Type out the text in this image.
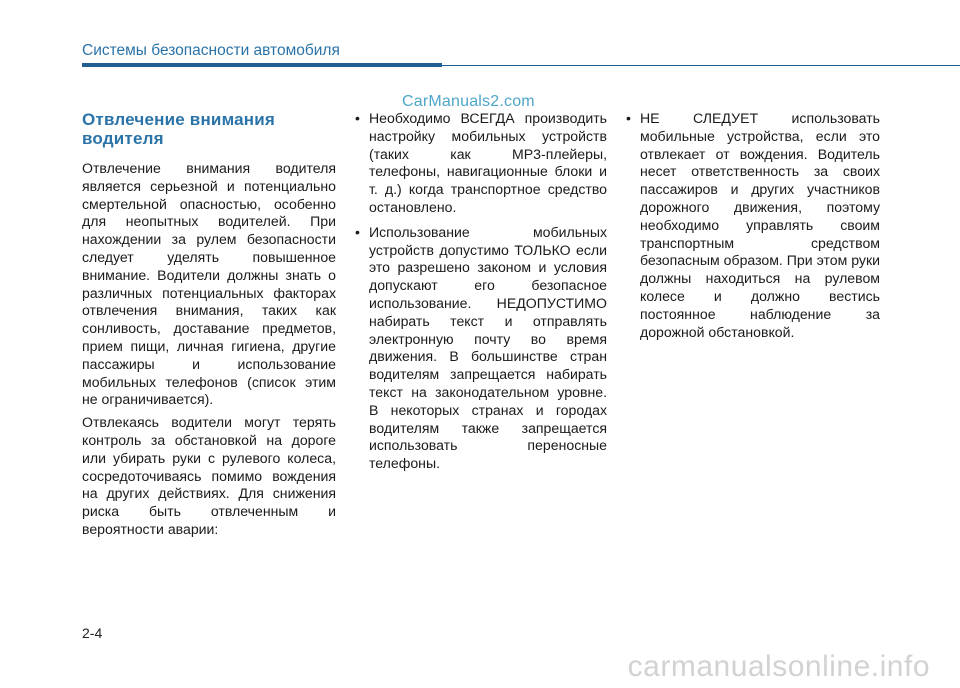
Системы безопасности автомобиля
CarManuals2.com
Отвлечение внимания
водителя

Отвлечение внимания водителя является серьезной и потенциально смертельной опасностью, особенно для неопытных водителей. При нахождении за рулем безопасности следует уделять повышенное внимание. Водители должны знать о различных потенциальных факторах отвлечения внимания, таких как сонливость, доставание предметов, прием пищи, личная гигиена, другие пассажиры и использование мобильных телефонов (список этим не ограничивается).

Отвлекаясь водители могут терять контроль за обстановкой на дороге или убирать руки с рулевого колеса, сосредоточиваясь помимо вождения на других действиях. Для снижения риска быть отвлеченным и вероятности аварии:

• Необходимо ВСЕГДА производить настройку мобильных устройств (таких как MP3-плейеры, телефоны, навигационные блоки и т. д.) когда транспортное средство остановлено.
• Использование мобильных устройств допустимо ТОЛЬКО если это разрешено законом и условия допускают его безопасное использование. НЕДОПУСТИМО набирать текст и отправлять электронную почту во время движения. В большинстве стран водителям запрещается набирать текст на законодательном уровне. В некоторых странах и городах водителям также запрещается использовать переносные телефоны.
• НЕ СЛЕДУЕТ использовать мобильные устройства, если это отвлекает от вождения. Водитель несет ответственность за своих пассажиров и других участников дорожного движения, поэтому необходимо управлять своим транспортным средством безопасным образом. При этом руки должны находиться на рулевом колесе и должно вестись постоянное наблюдение за дорожной обстановкой.
2-4
carmanualsonline.info
